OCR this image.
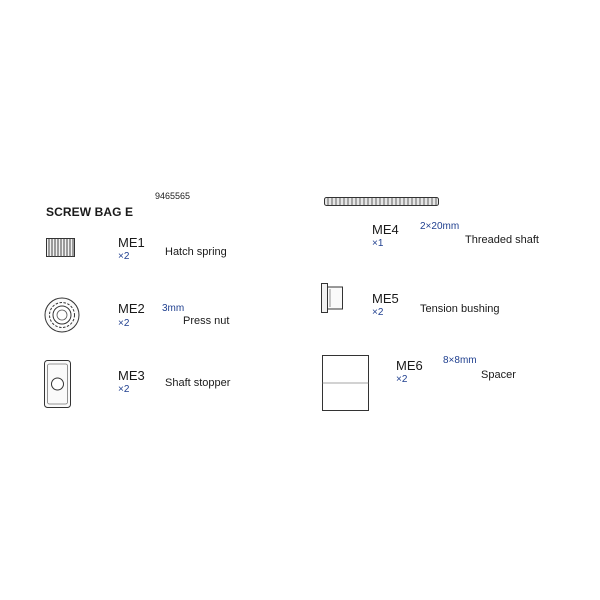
9465565
SCREW BAG E
ME1
×2	Hatch spring
ME2
×2
3mm
Press nut
ME3
×2
Shaft stopper
ME4
×1
2×20mm
Threaded shaft
ME5
×2	Tension bushing
ME6
×2
8×8mm
Spacer
